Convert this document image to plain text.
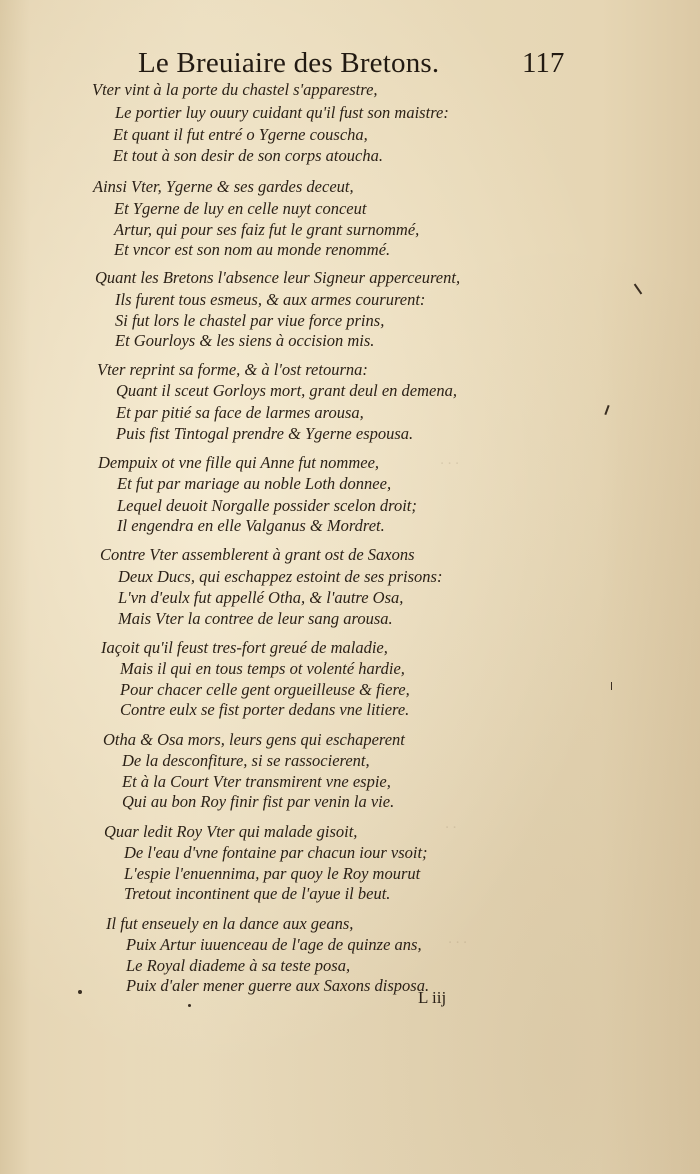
Le Breuiaire des Bretons.	117
· · ·
· ·
· · ·
Vter vint à la porte du chastel s'apparestre,
Le portier luy ouury cuidant qu'il fust son maistre:
Et quant il fut entré o Ygerne couscha,
Et tout à son desir de son corps atoucha.
Ainsi Vter, Ygerne & ses gardes deceut,
Et Ygerne de luy en celle nuyt conceut
Artur, qui pour ses faiz fut le grant surnommé,
Et vncor est son nom au monde renommé.
Quant les Bretons l'absence leur Signeur apperceurent,
Ils furent tous esmeus, & aux armes coururent:
Si fut lors le chastel par viue force prins,
Et Gourloys & les siens à occision mis.
Vter reprint sa forme, & à l'ost retourna:
Quant il sceut Gorloys mort, grant deul en demena,
Et par pitié sa face de larmes arousa,
Puis fist Tintogal prendre & Ygerne espousa.
Dempuix ot vne fille qui Anne fut nommee,
Et fut par mariage au noble Loth donnee,
Lequel deuoit Norgalle possider scelon droit;
Il engendra en elle Valganus & Mordret.
Contre Vter assemblerent à grant ost de Saxons
Deux Ducs, qui eschappez estoint de ses prisons:
L'vn d'eulx fut appellé Otha, & l'autre Osa,
Mais Vter la contree de leur sang arousa.
Iaçoit qu'il feust tres-fort greué de maladie,
Mais il qui en tous temps ot volenté hardie,
Pour chacer celle gent orgueilleuse & fiere,
Contre eulx se fist porter dedans vne litiere.
Otha & Osa mors, leurs gens qui eschaperent
De la desconfiture, si se rassocierent,
Et à la Court Vter transmirent vne espie,
Qui au bon Roy finir fist par venin la vie.
Quar ledit Roy Vter qui malade gisoit,
De l'eau d'vne fontaine par chacun iour vsoit;
L'espie l'enuennima, par quoy le Roy mourut
Tretout incontinent que de l'ayue il beut.
Il fut enseuely en la dance aux geans,
Puix Artur iuuenceau de l'age de quinze ans,
Le Royal diademe à sa teste posa,
Puix d'aler mener guerre aux Saxons disposa.
L iij
